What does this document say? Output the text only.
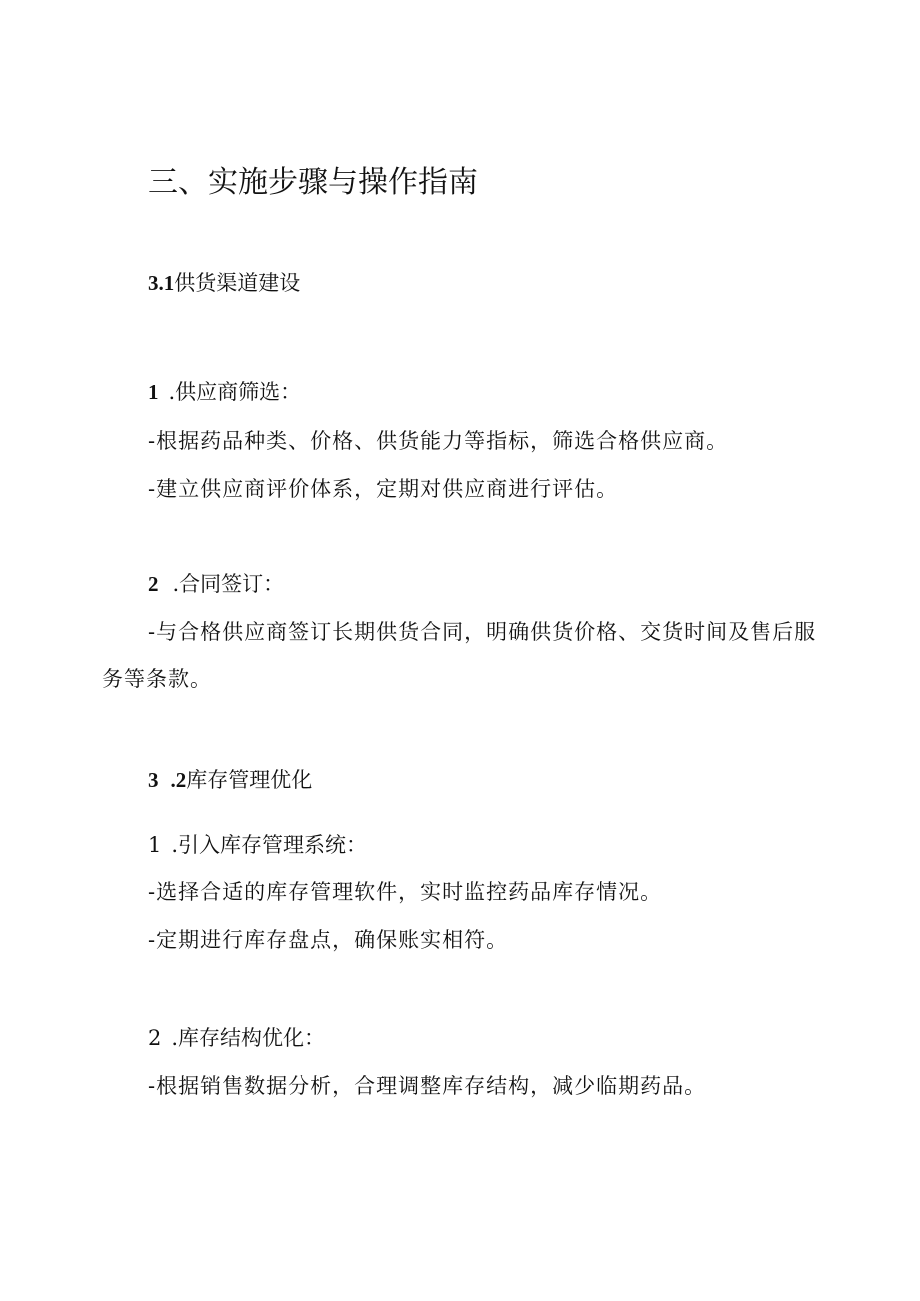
三、实施步骤与操作指南
3.1供货渠道建设
1 .供应商筛选：
-根据药品种类、价格、供货能力等指标，筛选合格供应商。
-建立供应商评价体系，定期对供应商进行评估。
2 .合同签订：
-与合格供应商签订长期供货合同，明确供货价格、交货时间及售后服
务等条款。
3 .2库存管理优化
1 .引入库存管理系统：
-选择合适的库存管理软件，实时监控药品库存情况。
-定期进行库存盘点，确保账实相符。
2 .库存结构优化：
-根据销售数据分析，合理调整库存结构，减少临期药品。
